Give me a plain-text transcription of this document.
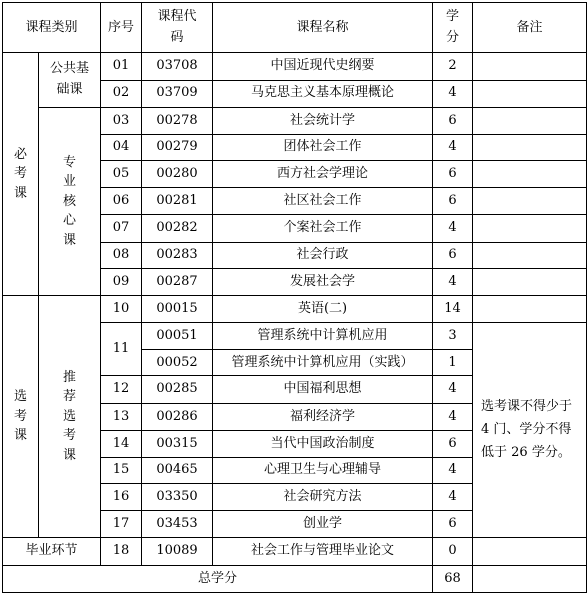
课程类别		序号	课程代码	课程名称	学分	备注
必考课	公共基础课	01	03708	中国近现代史纲要	2	
		02	03709	马克思主义基本原理概论	4	
	专业核心课	03	00278	社会统计学	6	
		04	00279	团体社会工作	4	
		05	00280	西方社会学理论	6	
		06	00281	社区社会工作	6	
		07	00282	个案社会工作	4	
		08	00283	社会行政	6	
		09	00287	发展社会学	4	
选考课	推荐选考课	10	00015	英语(二)	14	
		11	00051	管理系统中计算机应用	3	选考课不得少于 4 门、学分不得低于 26 学分。
			00052	管理系统中计算机应用（实践）	1	
		12	00285	中国福利思想	4	
		13	00286	福利经济学	4	
		14	00315	当代中国政治制度	6	
		15	00465	心理卫生与心理辅导	4	
		16	03350	社会研究方法	4	
		17	03453	创业学	6	
毕业环节		18	10089	社会工作与管理毕业论文	0	
总学分					68	
